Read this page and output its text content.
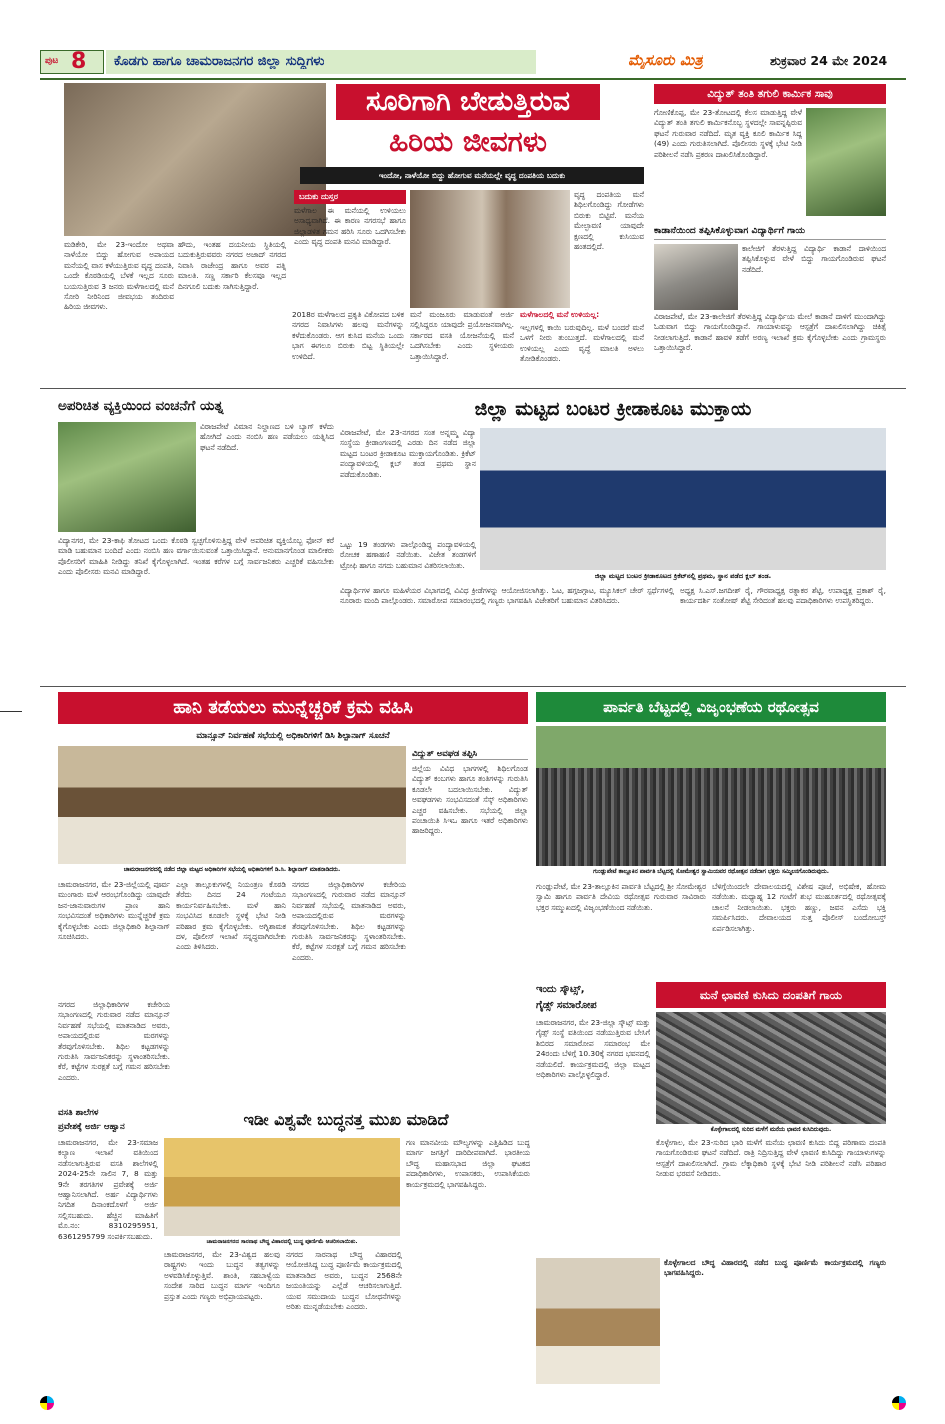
ಪುಟ 8 ಕೊಡಗು ಹಾಗೂ ಚಾಮರಾಜನಗರ ಜಿಲ್ಲಾ ಸುದ್ದಿಗಳು	ಮೈಸೂರು ಮಿತ್ರ	ಶುಕ್ರವಾರ 24 ಮೇ 2024
ಸೂರಿಗಾಗಿ ಬೇಡುತ್ತಿರುವ
ಹಿರಿಯ ಜೀವಗಳು
ಇಂದೋ, ನಾಳೆಯೋ ಬಿದ್ದು ಹೋಗುವ ಮನೆಯಲ್ಲೇ ವೃದ್ಧ ದಂಪತಿಯ ಬದುಕು
ಬದುಕು ದುಸ್ತರ
ಮಳೆಗಾಲ ಈ ಮನೆಯಲ್ಲಿ ಉಳಿಯಲು ಅಸಾಧ್ಯವಾಗಿದೆ. ಈ ಕಾರಣ ನಗರಸಭೆ ಹಾಗೂ ಜಿಲ್ಲಾಡಳಿತ ಗಮನ ಹರಿಸಿ ಸೂರು ಒದಗಿಸಬೇಕು ಎಂದು ವೃದ್ಧ ದಂಪತಿ ಮನವಿ ಮಾಡಿದ್ದಾರೆ.
ವೃದ್ಧ ದಂಪತಿಯ ಮನೆ ಶಿಥಿಲಗೊಂಡಿದ್ದು ಗೋಡೆಗಳು ಬಿರುಕು ಬಿಟ್ಟಿವೆ. ಮನೆಯ ಮೇಲ್ಛಾವಣಿ ಯಾವುದೇ ಕ್ಷಣದಲ್ಲಿ ಕುಸಿಯುವ ಹಂತದಲ್ಲಿದೆ.
ಮಡಿಕೇರಿ, ಮೇ 23-ಇಂದೋ ಅಥವಾ ನಾಳೆಯೋ ಬಿದ್ದು ಹೋಗುವ ಅಪಾಯದ ಮನೆಯಲ್ಲಿ ವಾಸ ಕಳೆಯುತ್ತಿರುವ ವೃದ್ಧ ದಂಪತಿ, ಒಂದೇ ಕೊಠಡಿಯಲ್ಲಿ ಬೆಳಕೆ ಇಲ್ಲದ ಸೂರು ಬಯಸುತ್ತಿರುವ 3 ಜನರು ಮಳೆಗಾಲದಲ್ಲಿ ಮನೆ ಸೋರಿ ನೀರಿನಿಂದ ಜೀವಭಯ ತಂದಿರುವ ಹಿರಿಯ ಜೀವಗಳು.
ಹೌದು, ಇಂತಹ ದಯನೀಯ ಸ್ಥಿತಿಯಲ್ಲಿ ಬದುಕುತ್ತಿರುವವರು ನಗರದ ಅಜಾದ್ ನಗರದ ನಿವಾಸಿ ರಾಜೇಂದ್ರ ಹಾಗೂ ಅವರ ಪತ್ನಿ ಮಾಲತಿ. ಸಣ್ಣ ಸರ್ಕಾರಿ ಕೆಲಸವೂ ಇಲ್ಲದ ದಿನಗೂಲಿ ಬದುಕು ಸಾಗಿಸುತ್ತಿದ್ದಾರೆ.
2018ರ ಮಳೆಗಾಲದ ಪ್ರಕೃತಿ ವಿಕೋಪದ ಬಳಿಕ ನಗರದ ನಿವಾಸಿಗಳು ಹಲವು ಮನೆಗಳನ್ನು ಕಳೆದುಕೊಂಡರು. ಆಗ ಕುಸಿದ ಮನೆಯ ಒಂದು ಭಾಗ ಈಗಲೂ ಬಿರುಕು ಬಿಟ್ಟ ಸ್ಥಿತಿಯಲ್ಲೇ ಉಳಿದಿದೆ.
ಮನೆ ಮಂಜೂರು ಮಾಡುವಂತೆ ಅರ್ಜಿ ಸಲ್ಲಿಸಿದ್ದರೂ ಯಾವುದೇ ಪ್ರಯೋಜನವಾಗಿಲ್ಲ. ಸರ್ಕಾರದ ವಸತಿ ಯೋಜನೆಯಲ್ಲಿ ಮನೆ ಒದಗಿಸಬೇಕು ಎಂದು ಸ್ಥಳೀಯರು ಒತ್ತಾಯಿಸಿದ್ದಾರೆ.
ಮಳೆಗಾಲದಲ್ಲಿ ಮನೆ ಉಳಿಯಲ್ಲ:
ಇಲ್ಲಗಳಲ್ಲಿ ಕಾಯಿ ಬರುವುದಿಲ್ಲ. ಮಳೆ ಬಂದರೆ ಮನೆ ಒಳಗೆ ನೀರು ತುಂಬುತ್ತದೆ. ಮಳೆಗಾಲದಲ್ಲಿ ಮನೆ ಉಳಿಯಲ್ಲ ಎಂದು ವೃದ್ಧೆ ಮಾಲತಿ ಅಳಲು ತೋಡಿಕೊಂಡರು.
ವಿದ್ಯುತ್ ತಂತಿ ತಗುಲಿ ಕಾರ್ಮಿಕ ಸಾವು
ಗೋಣಿಕೊಪ್ಪ, ಮೇ 23-ತೋಟದಲ್ಲಿ ಕೆಲಸ ಮಾಡುತ್ತಿದ್ದ ವೇಳೆ ವಿದ್ಯುತ್ ತಂತಿ ತಗುಲಿ ಕಾರ್ಮಿಕನೊಬ್ಬ ಸ್ಥಳದಲ್ಲೇ ಸಾವನ್ನಪ್ಪಿರುವ ಘಟನೆ ಗುರುವಾರ ನಡೆದಿದೆ. ಮೃತ ವ್ಯಕ್ತಿ ಕೂಲಿ ಕಾರ್ಮಿಕ ಸಿದ್ದ (49) ಎಂದು ಗುರುತಿಸಲಾಗಿದೆ. ಪೊಲೀಸರು ಸ್ಥಳಕ್ಕೆ ಭೇಟಿ ನೀಡಿ ಪರಿಶೀಲನೆ ನಡೆಸಿ ಪ್ರಕರಣ ದಾಖಲಿಸಿಕೊಂಡಿದ್ದಾರೆ.
ಕಾಡಾನೆಯಿಂದ ತಪ್ಪಿಸಿಕೊಳ್ಳುವಾಗ ವಿದ್ಯಾರ್ಥಿಗೆ ಗಾಯ
ಕಾಲೇಜಿಗೆ ತೆರಳುತ್ತಿದ್ದ ವಿದ್ಯಾರ್ಥಿ ಕಾಡಾನೆ ದಾಳಿಯಿಂದ ತಪ್ಪಿಸಿಕೊಳ್ಳುವ ವೇಳೆ ಬಿದ್ದು ಗಾಯಗೊಂಡಿರುವ ಘಟನೆ ನಡೆದಿದೆ.
ವಿರಾಜಪೇಟೆ, ಮೇ 23-ಕಾಲೇಜಿಗೆ ತೆರಳುತ್ತಿದ್ದ ವಿದ್ಯಾರ್ಥಿಯ ಮೇಲೆ ಕಾಡಾನೆ ದಾಳಿಗೆ ಮುಂದಾಗಿದ್ದು ಓಡುವಾಗ ಬಿದ್ದು ಗಾಯಗೊಂಡಿದ್ದಾನೆ. ಗಾಯಾಳುವನ್ನು ಆಸ್ಪತ್ರೆಗೆ ದಾಖಲಿಸಲಾಗಿದ್ದು ಚಿಕಿತ್ಸೆ ನೀಡಲಾಗುತ್ತಿದೆ. ಕಾಡಾನೆ ಹಾವಳಿ ತಡೆಗೆ ಅರಣ್ಯ ಇಲಾಖೆ ಕ್ರಮ ಕೈಗೊಳ್ಳಬೇಕು ಎಂದು ಗ್ರಾಮಸ್ಥರು ಒತ್ತಾಯಿಸಿದ್ದಾರೆ.
ಅಪರಿಚಿತ ವ್ಯಕ್ತಿಯಿಂದ ವಂಚನೆಗೆ ಯತ್ನ
ವಿರಾಜಪೇಟೆ ವಿಮಾನ ನಿಲ್ದಾಣದ ಬಳಿ ಬ್ಯಾಗ್ ಕಳೆದು ಹೋಗಿದೆ ಎಂದು ನಂಬಿಸಿ ಹಣ ಪಡೆಯಲು ಯತ್ನಿಸಿದ ಘಟನೆ ನಡೆದಿದೆ.
ವಿದ್ಯಾನಗರ, ಮೇ 23-ಕಾಫಿ ತೋಟದ ಒಂದು ಕೊಠಡಿ ಸ್ವಚ್ಛಗೊಳಿಸುತ್ತಿದ್ದ ವೇಳೆ ಅಪರಿಚಿತ ವ್ಯಕ್ತಿಯೊಬ್ಬ ಫೋನ್ ಕರೆ ಮಾಡಿ ಬಹುಮಾನ ಬಂದಿದೆ ಎಂದು ನಂಬಿಸಿ ಹಣ ವರ್ಗಾಯಿಸುವಂತೆ ಒತ್ತಾಯಿಸಿದ್ದಾನೆ. ಅನುಮಾನಗೊಂಡ ಮಾಲೀಕರು ಪೊಲೀಸರಿಗೆ ಮಾಹಿತಿ ನೀಡಿದ್ದು ತನಿಖೆ ಕೈಗೊಳ್ಳಲಾಗಿದೆ. ಇಂತಹ ಕರೆಗಳ ಬಗ್ಗೆ ಸಾರ್ವಜನಿಕರು ಎಚ್ಚರಿಕೆ ವಹಿಸಬೇಕು ಎಂದು ಪೊಲೀಸರು ಮನವಿ ಮಾಡಿದ್ದಾರೆ.
ಜಿಲ್ಲಾ ಮಟ್ಟದ ಬಂಟರ ಕ್ರೀಡಾಕೂಟ ಮುಕ್ತಾಯ
ವಿರಾಜಪೇಟೆ, ಮೇ 23-ನಗರದ ಸಂತ ಅನ್ನಮ್ಮ ವಿದ್ಯಾ ಸಂಸ್ಥೆಯ ಕ್ರೀಡಾಂಗಣದಲ್ಲಿ ಎರಡು ದಿನ ನಡೆದ ಜಿಲ್ಲಾ ಮಟ್ಟದ ಬಂಟರ ಕ್ರೀಡಾಕೂಟ ಮುಕ್ತಾಯಗೊಂಡಿತು. ಕ್ರಿಕೆಟ್ ಪಂದ್ಯಾವಳಿಯಲ್ಲಿ ಕ್ಲಬ್ ತಂಡ ಪ್ರಥಮ ಸ್ಥಾನ ಪಡೆದುಕೊಂಡಿತು.
ಜಿಲ್ಲಾ ಮಟ್ಟದ ಬಂಟರ ಕ್ರೀಡಾಕೂಟದ ಕ್ರಿಕೆಟ್‌ನಲ್ಲಿ ಪ್ರಥಮ, ಸ್ಥಾನ ಪಡೆದ ಕ್ಲಬ್ ತಂಡ.
ಒಟ್ಟು 19 ತಂಡಗಳು ಪಾಲ್ಗೊಂಡಿದ್ದ ಪಂದ್ಯಾವಳಿಯಲ್ಲಿ ರೋಚಕ ಹಣಾಹಣಿ ನಡೆಯಿತು. ವಿಜೇತ ತಂಡಗಳಿಗೆ ಟ್ರೋಫಿ ಹಾಗೂ ನಗದು ಬಹುಮಾನ ವಿತರಿಸಲಾಯಿತು.
ವಿದ್ಯಾರ್ಥಿಗಳ ಹಾಗೂ ಮಹಿಳೆಯರ ವಿಭಾಗದಲ್ಲಿ ವಿವಿಧ ಕ್ರೀಡೆಗಳನ್ನು ಆಯೋಜಿಸಲಾಗಿತ್ತು. ಓಟ, ಹಗ್ಗಜಗ್ಗಾಟ, ಮ್ಯೂಸಿಕಲ್ ಚೇರ್ ಸ್ಪರ್ಧೆಗಳಲ್ಲಿ ನೂರಾರು ಮಂದಿ ಪಾಲ್ಗೊಂಡರು. ಸಮಾರೋಪ ಸಮಾರಂಭದಲ್ಲಿ ಗಣ್ಯರು ಭಾಗವಹಿಸಿ ವಿಜೇತರಿಗೆ ಬಹುಮಾನ ವಿತರಿಸಿದರು.
ಅಧ್ಯಕ್ಷ ಸಿ.ಎಸ್.ಜಗದೀಶ್ ರೈ, ಗೌರವಾಧ್ಯಕ್ಷ ರತ್ನಾಕರ ಶೆಟ್ಟಿ, ಉಪಾಧ್ಯಕ್ಷ ಪ್ರಕಾಶ್ ರೈ, ಕಾರ್ಯದರ್ಶಿ ಸಂತೋಷ್ ಶೆಟ್ಟಿ ಸೇರಿದಂತೆ ಹಲವು ಪದಾಧಿಕಾರಿಗಳು ಉಪಸ್ಥಿತರಿದ್ದರು.
ಹಾನಿ ತಡೆಯಲು ಮುನ್ನೆಚ್ಚರಿಕೆ ಕ್ರಮ ವಹಿಸಿ
ಮಾನ್ಸೂನ್ ನಿರ್ವಹಣೆ ಸಭೆಯಲ್ಲಿ ಅಧಿಕಾರಿಗಳಿಗೆ ಡಿಸಿ ಶಿಲ್ಪಾನಾಗ್ ಸೂಚನೆ
ಚಾಮರಾಜನಗರದಲ್ಲಿ ನಡೆದ ಜಿಲ್ಲಾ ಮಟ್ಟದ ಅಧಿಕಾರಿಗಳ ಸಭೆಯಲ್ಲಿ ಅಧಿಕಾರಿಗಳಿಗೆ ಡಿ.ಸಿ. ಶಿಲ್ಪಾನಾಗ್ ಮಾತನಾಡಿದರು.
ವಿದ್ಯುತ್ ಅವಘಡ ತಪ್ಪಿಸಿ
ಜಿಲ್ಲೆಯ ವಿವಿಧ ಭಾಗಗಳಲ್ಲಿ ಶಿಥಿಲಗೊಂಡ ವಿದ್ಯುತ್ ಕಂಬಗಳು ಹಾಗೂ ತಂತಿಗಳನ್ನು ಗುರುತಿಸಿ ಕೂಡಲೇ ಬದಲಾಯಿಸಬೇಕು. ವಿದ್ಯುತ್ ಅವಘಡಗಳು ಸಂಭವಿಸದಂತೆ ಸೆಸ್ಕ್ ಅಧಿಕಾರಿಗಳು ಎಚ್ಚರ ವಹಿಸಬೇಕು. ಸಭೆಯಲ್ಲಿ ಜಿಲ್ಲಾ ಪಂಚಾಯಿತಿ ಸಿಇಒ ಹಾಗೂ ಇತರೆ ಅಧಿಕಾರಿಗಳು ಹಾಜರಿದ್ದರು.
ಚಾಮರಾಜನಗರ, ಮೇ 23-ಜಿಲ್ಲೆಯಲ್ಲಿ ಪೂರ್ವ ಮುಂಗಾರು ಮಳೆ ಆರಂಭಗೊಂಡಿದ್ದು ಯಾವುದೇ ಜನ-ಜಾನುವಾರುಗಳ ಪ್ರಾಣ ಹಾನಿ ಸಂಭವಿಸದಂತೆ ಅಧಿಕಾರಿಗಳು ಮುನ್ನೆಚ್ಚರಿಕೆ ಕ್ರಮ ಕೈಗೊಳ್ಳಬೇಕು ಎಂದು ಜಿಲ್ಲಾಧಿಕಾರಿ ಶಿಲ್ಪಾನಾಗ್ ಸೂಚಿಸಿದರು.
ನಗರದ ಜಿಲ್ಲಾಧಿಕಾರಿಗಳ ಕಚೇರಿಯ ಸಭಾಂಗಣದಲ್ಲಿ ಗುರುವಾರ ನಡೆದ ಮಾನ್ಸೂನ್ ನಿರ್ವಹಣೆ ಸಭೆಯಲ್ಲಿ ಮಾತನಾಡಿದ ಅವರು, ಅಪಾಯದಲ್ಲಿರುವ ಮರಗಳನ್ನು ತೆರವುಗೊಳಿಸಬೇಕು. ಶಿಥಿಲ ಕಟ್ಟಡಗಳನ್ನು ಗುರುತಿಸಿ ಸಾರ್ವಜನಿಕರನ್ನು ಸ್ಥಳಾಂತರಿಸಬೇಕು. ಕೆರೆ, ಕಟ್ಟೆಗಳ ಸುರಕ್ಷತೆ ಬಗ್ಗೆ ಗಮನ ಹರಿಸಬೇಕು ಎಂದರು.
ಎಲ್ಲಾ ತಾಲ್ಲೂಕುಗಳಲ್ಲಿ ನಿಯಂತ್ರಣ ಕೊಠಡಿ ತೆರೆದು ದಿನದ 24 ಗಂಟೆಯೂ ಕಾರ್ಯನಿರ್ವಹಿಸಬೇಕು. ಮಳೆ ಹಾನಿ ಸಂಭವಿಸಿದ ಕೂಡಲೇ ಸ್ಥಳಕ್ಕೆ ಭೇಟಿ ನೀಡಿ ಪರಿಹಾರ ಕ್ರಮ ಕೈಗೊಳ್ಳಬೇಕು. ಅಗ್ನಿಶಾಮಕ ದಳ, ಪೊಲೀಸ್ ಇಲಾಖೆ ಸನ್ನದ್ಧವಾಗಿರಬೇಕು ಎಂದು ತಿಳಿಸಿದರು.
ನಗರದ ಜಿಲ್ಲಾಧಿಕಾರಿಗಳ ಕಚೇರಿಯ ಸಭಾಂಗಣದಲ್ಲಿ ಗುರುವಾರ ನಡೆದ ಮಾನ್ಸೂನ್ ನಿರ್ವಹಣೆ ಸಭೆಯಲ್ಲಿ ಮಾತನಾಡಿದ ಅವರು, ಅಪಾಯದಲ್ಲಿರುವ ಮರಗಳನ್ನು ತೆರವುಗೊಳಿಸಬೇಕು. ಶಿಥಿಲ ಕಟ್ಟಡಗಳನ್ನು ಗುರುತಿಸಿ ಸಾರ್ವಜನಿಕರನ್ನು ಸ್ಥಳಾಂತರಿಸಬೇಕು. ಕೆರೆ, ಕಟ್ಟೆಗಳ ಸುರಕ್ಷತೆ ಬಗ್ಗೆ ಗಮನ ಹರಿಸಬೇಕು ಎಂದರು.
ಪಾರ್ವತಿ ಬೆಟ್ಟದಲ್ಲಿ ವಿಜೃಂಭಣೆಯ ರಥೋತ್ಸವ
ಗುಂಡ್ಲುಪೇಟೆ ತಾಲ್ಲೂಕಿನ ಪಾರ್ವತಿ ಬೆಟ್ಟದಲ್ಲಿ ಸೋಮೇಶ್ವರ ಸ್ವಾಮಿಯವರ ರಥೋತ್ಸವ ನಡೆದಾಗ ಭಕ್ತರು ಸಮ್ಮಿಲನಗೊಂಡಿರುವುದು.
ಗುಂಡ್ಲುಪೇಟೆ, ಮೇ 23-ತಾಲ್ಲೂಕಿನ ಪಾರ್ವತಿ ಬೆಟ್ಟದಲ್ಲಿ ಶ್ರೀ ಸೋಮೇಶ್ವರ ಸ್ವಾಮಿ ಹಾಗೂ ಪಾರ್ವತಿ ದೇವಿಯ ರಥೋತ್ಸವ ಗುರುವಾರ ಸಾವಿರಾರು ಭಕ್ತರ ಸಮ್ಮುಖದಲ್ಲಿ ವಿಜೃಂಭಣೆಯಿಂದ ನಡೆಯಿತು.
ಬೆಳಿಗ್ಗೆಯಿಂದಲೇ ದೇವಾಲಯದಲ್ಲಿ ವಿಶೇಷ ಪೂಜೆ, ಅಭಿಷೇಕ, ಹೋಮ ನಡೆಯಿತು. ಮಧ್ಯಾಹ್ನ 12 ಗಂಟೆಗೆ ಶುಭ ಮುಹೂರ್ತದಲ್ಲಿ ರಥೋತ್ಸವಕ್ಕೆ ಚಾಲನೆ ನೀಡಲಾಯಿತು. ಭಕ್ತರು ಹಣ್ಣು, ಜವನ ಎಸೆದು ಭಕ್ತಿ ಸಮರ್ಪಿಸಿದರು. ದೇವಾಲಯದ ಸುತ್ತ ಪೊಲೀಸ್ ಬಂದೋಬಸ್ತ್ ಏರ್ಪಡಿಸಲಾಗಿತ್ತು.
ಇಂದು ಸ್ಕೌಟ್ಸ್,
ಗೈಡ್ಸ್ ಸಮಾರೋಪ
ಚಾಮರಾಜನಗರ, ಮೇ 23-ಜಿಲ್ಲಾ ಸ್ಕೌಟ್ಸ್ ಮತ್ತು ಗೈಡ್ಸ್ ಸಂಸ್ಥೆ ವತಿಯಿಂದ ನಡೆಯುತ್ತಿರುವ ಬೇಸಿಗೆ ಶಿಬಿರದ ಸಮಾರೋಪ ಸಮಾರಂಭ ಮೇ 24ರಂದು ಬೆಳಿಗ್ಗೆ 10.30ಕ್ಕೆ ನಗರದ ಭವನದಲ್ಲಿ ನಡೆಯಲಿದೆ. ಕಾರ್ಯಕ್ರಮದಲ್ಲಿ ಜಿಲ್ಲಾ ಮಟ್ಟದ ಅಧಿಕಾರಿಗಳು ಪಾಲ್ಗೊಳ್ಳಲಿದ್ದಾರೆ.
ಮನೆ ಛಾವಣಿ ಕುಸಿದು ದಂಪತಿಗೆ ಗಾಯ
ಕೊಳ್ಳೇಗಾಲದಲ್ಲಿ ಸುರಿದ ಮಳೆಗೆ ಮನೆಯ ಛಾವಣಿ ಕುಸಿದಿರುವುದು.
ಕೊಳ್ಳೇಗಾಲ, ಮೇ 23-ಸುರಿದ ಭಾರಿ ಮಳೆಗೆ ಮನೆಯ ಛಾವಣಿ ಕುಸಿದು ಬಿದ್ದ ಪರಿಣಾಮ ದಂಪತಿ ಗಾಯಗೊಂಡಿರುವ ಘಟನೆ ನಡೆದಿದೆ. ರಾತ್ರಿ ನಿದ್ರಿಸುತ್ತಿದ್ದ ವೇಳೆ ಛಾವಣಿ ಕುಸಿದಿದ್ದು ಗಾಯಾಳುಗಳನ್ನು ಆಸ್ಪತ್ರೆಗೆ ದಾಖಲಿಸಲಾಗಿದೆ. ಗ್ರಾಮ ಲೆಕ್ಕಾಧಿಕಾರಿ ಸ್ಥಳಕ್ಕೆ ಭೇಟಿ ನೀಡಿ ಪರಿಶೀಲನೆ ನಡೆಸಿ ಪರಿಹಾರ ನೀಡುವ ಭರವಸೆ ನೀಡಿದರು.
ವಸತಿ ಶಾಲೆಗಳ
ಪ್ರವೇಶಕ್ಕೆ ಅರ್ಜಿ ಆಹ್ವಾನ
ಚಾಮರಾಜನಗರ, ಮೇ 23-ಸಮಾಜ ಕಲ್ಯಾಣ ಇಲಾಖೆ ವತಿಯಿಂದ ನಡೆಸಲಾಗುತ್ತಿರುವ ವಸತಿ ಶಾಲೆಗಳಲ್ಲಿ 2024-25ನೇ ಸಾಲಿನ 7, 8 ಮತ್ತು 9ನೇ ತರಗತಿಗಳ ಪ್ರವೇಶಕ್ಕೆ ಅರ್ಜಿ ಆಹ್ವಾನಿಸಲಾಗಿದೆ. ಅರ್ಹ ವಿದ್ಯಾರ್ಥಿಗಳು ನಿಗದಿತ ದಿನಾಂಕದೊಳಗೆ ಅರ್ಜಿ ಸಲ್ಲಿಸಬಹುದು. ಹೆಚ್ಚಿನ ಮಾಹಿತಿಗೆ ಮೊ.ನಂ: 8310295951, 6361295799 ಸಂಪರ್ಕಿಸಬಹುದು.
ಇಡೀ ವಿಶ್ವವೇ ಬುದ್ಧನತ್ತ ಮುಖ ಮಾಡಿದೆ
ಚಾಮರಾಜನಗರದ ಸಾರನಾಥ ಬೌದ್ಧ ವಿಹಾರದಲ್ಲಿ ಬುದ್ಧ ಪೂರ್ಣಿಮೆ ಆಚರಿಸಲಾಯಿತು.
ಚಾಮರಾಜನಗರ, ಮೇ 23-ವಿಶ್ವದ ಹಲವು ರಾಷ್ಟ್ರಗಳು ಇಂದು ಬುದ್ಧನ ತತ್ವಗಳನ್ನು ಅಳವಡಿಸಿಕೊಳ್ಳುತ್ತಿವೆ. ಶಾಂತಿ, ಸಹಬಾಳ್ವೆಯ ಸಂದೇಶ ಸಾರಿದ ಬುದ್ಧನ ಮಾರ್ಗ ಇಂದಿಗೂ ಪ್ರಸ್ತುತ ಎಂದು ಗಣ್ಯರು ಅಭಿಪ್ರಾಯಪಟ್ಟರು.
ನಗರದ ಸಾರನಾಥ ಬೌದ್ಧ ವಿಹಾರದಲ್ಲಿ ಆಯೋಜಿಸಿದ್ದ ಬುದ್ಧ ಪೂರ್ಣಿಮೆ ಕಾರ್ಯಕ್ರಮದಲ್ಲಿ ಮಾತನಾಡಿದ ಅವರು, ಬುದ್ಧನ 2568ನೇ ಜಯಂತಿಯನ್ನು ಎಲ್ಲೆಡೆ ಆಚರಿಸಲಾಗುತ್ತಿದೆ. ಯುವ ಸಮುದಾಯ ಬುದ್ಧನ ಬೋಧನೆಗಳನ್ನು ಅರಿತು ಮುನ್ನಡೆಯಬೇಕು ಎಂದರು.
ಗಣ ಮಾನವೀಯ ಮೌಲ್ಯಗಳನ್ನು ಎತ್ತಿಹಿಡಿದ ಬುದ್ಧ ಮಾರ್ಗ ಜಗತ್ತಿಗೆ ದಾರಿದೀಪವಾಗಿದೆ. ಭಾರತೀಯ ಬೌದ್ಧ ಮಹಾಸಭಾದ ಜಿಲ್ಲಾ ಘಟಕದ ಪದಾಧಿಕಾರಿಗಳು, ಉಪಾಸಕರು, ಉಪಾಸಿಕೆಯರು ಕಾರ್ಯಕ್ರಮದಲ್ಲಿ ಭಾಗವಹಿಸಿದ್ದರು.
ಕೊಳ್ಳೇಗಾಲದ ಬೌದ್ಧ ವಿಹಾರದಲ್ಲಿ ನಡೆದ ಬುದ್ಧ ಪೂರ್ಣಿಮೆ ಕಾರ್ಯಕ್ರಮದಲ್ಲಿ ಗಣ್ಯರು ಭಾಗವಹಿಸಿದ್ದರು.
